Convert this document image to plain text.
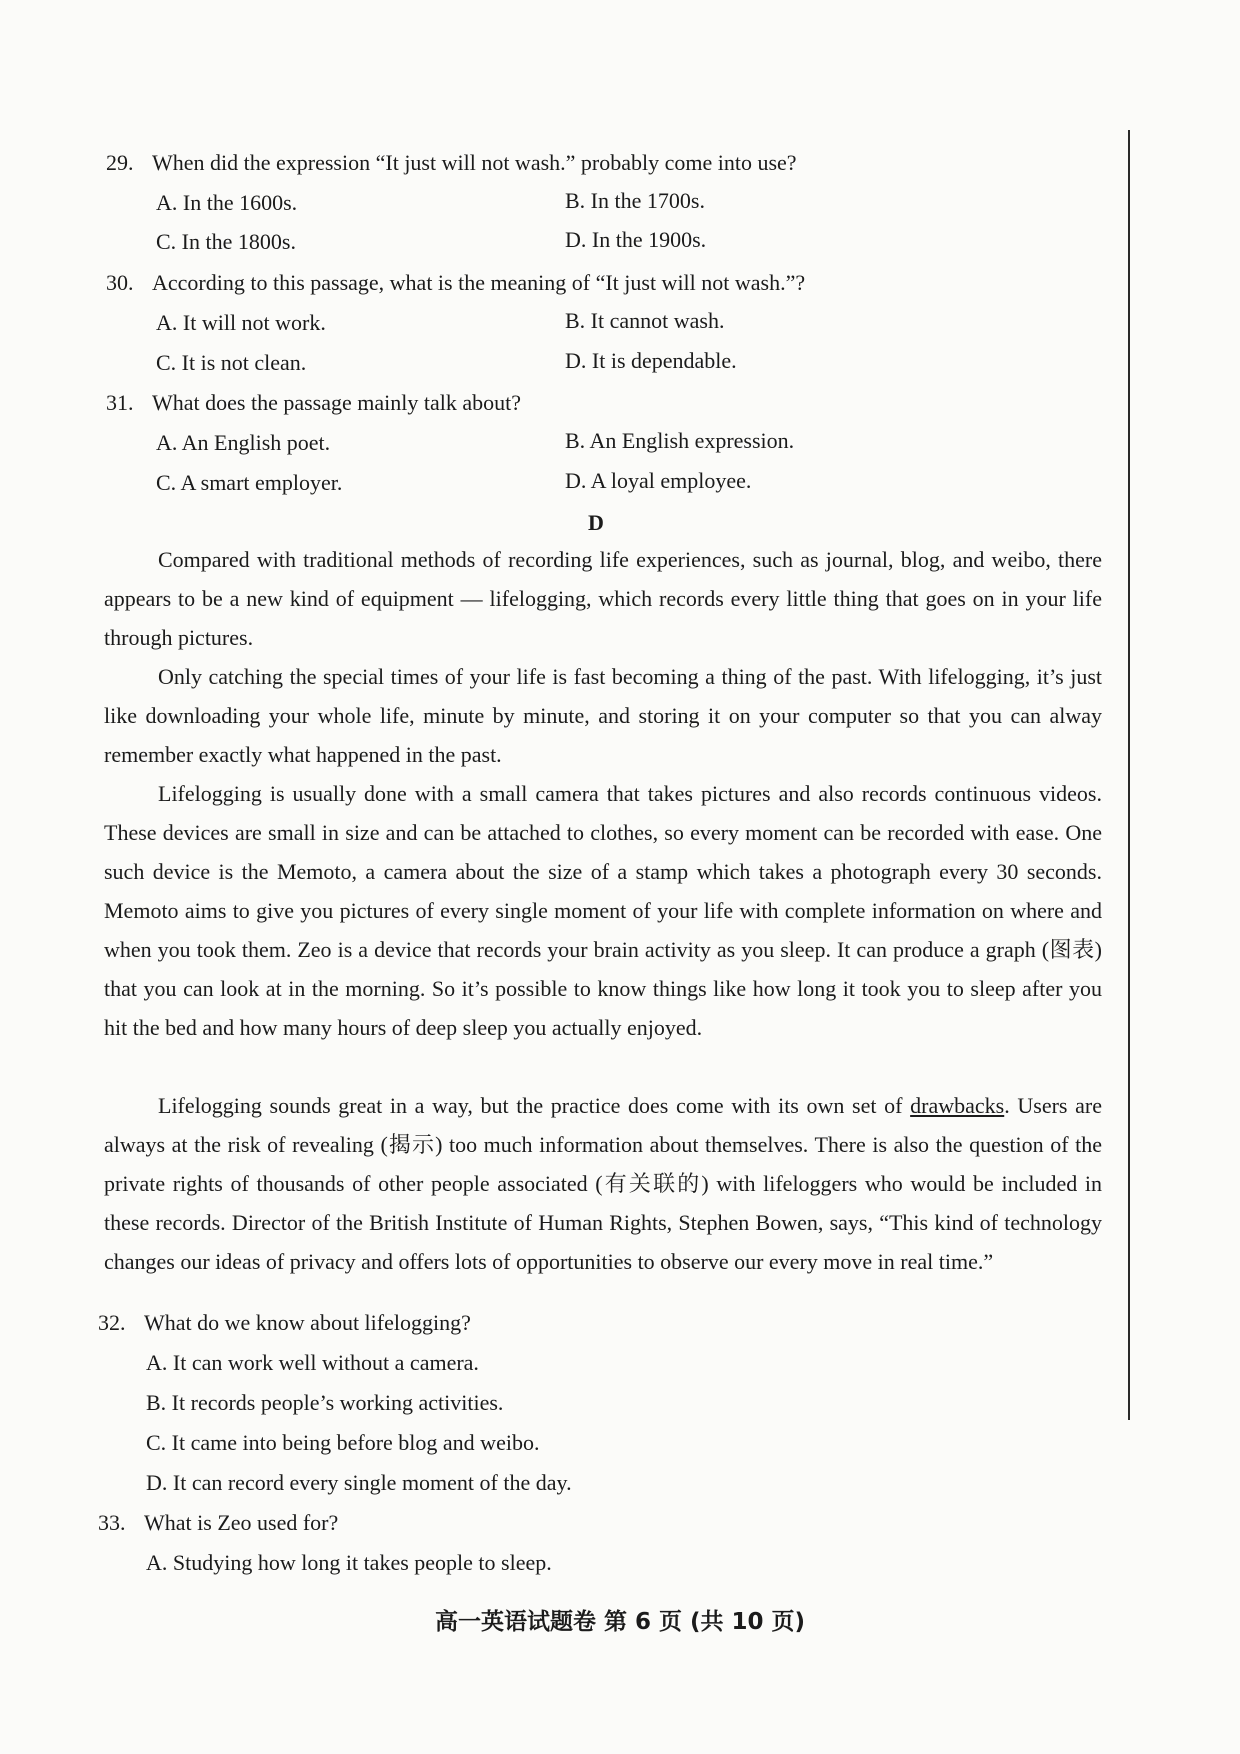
29. When did the expression “It just will not wash.” probably come into use?
A. In the 1600s.	B. In the 1700s.
C. In the 1800s.	D. In the 1900s.
30. According to this passage, what is the meaning of “It just will not wash.”?
A. It will not work.	B. It cannot wash.
C. It is not clean.	D. It is dependable.
31. What does the passage mainly talk about?
A. An English poet.	B. An English expression.
C. A smart employer.	D. A loyal employee.
D
Compared with traditional methods of recording life experiences, such as journal, blog, and weibo, there appears to be a new kind of equipment — lifelogging, which records every little thing that goes on in your life through pictures.
Only catching the special times of your life is fast becoming a thing of the past. With lifelogging, it’s just like downloading your whole life, minute by minute, and storing it on your computer so that you can alway remember exactly what happened in the past.
Lifelogging is usually done with a small camera that takes pictures and also records continuous videos. These devices are small in size and can be attached to clothes, so every moment can be recorded with ease. One such device is the Memoto, a camera about the size of a stamp which takes a photograph every 30 seconds. Memoto aims to give you pictures of every single moment of your life with complete information on where and when you took them. Zeo is a device that records your brain activity as you sleep. It can produce a graph (图表) that you can look at in the morning. So it’s possible to know things like how long it took you to sleep after you hit the bed and how many hours of deep sleep you actually enjoyed.
Lifelogging sounds great in a way, but the practice does come with its own set of drawbacks. Users are always at the risk of revealing (揭示) too much information about themselves. There is also the question of the private rights of thousands of other people associated (有关联的) with lifeloggers who would be included in these records. Director of the British Institute of Human Rights, Stephen Bowen, says, “This kind of technology changes our ideas of privacy and offers lots of opportunities to observe our every move in real time.”
32. What do we know about lifelogging?
A. It can work well without a camera.
B. It records people’s working activities.
C. It came into being before blog and weibo.
D. It can record every single moment of the day.
33. What is Zeo used for?
A. Studying how long it takes people to sleep.
高一英语试题卷 第 6 页 (共 10 页)
